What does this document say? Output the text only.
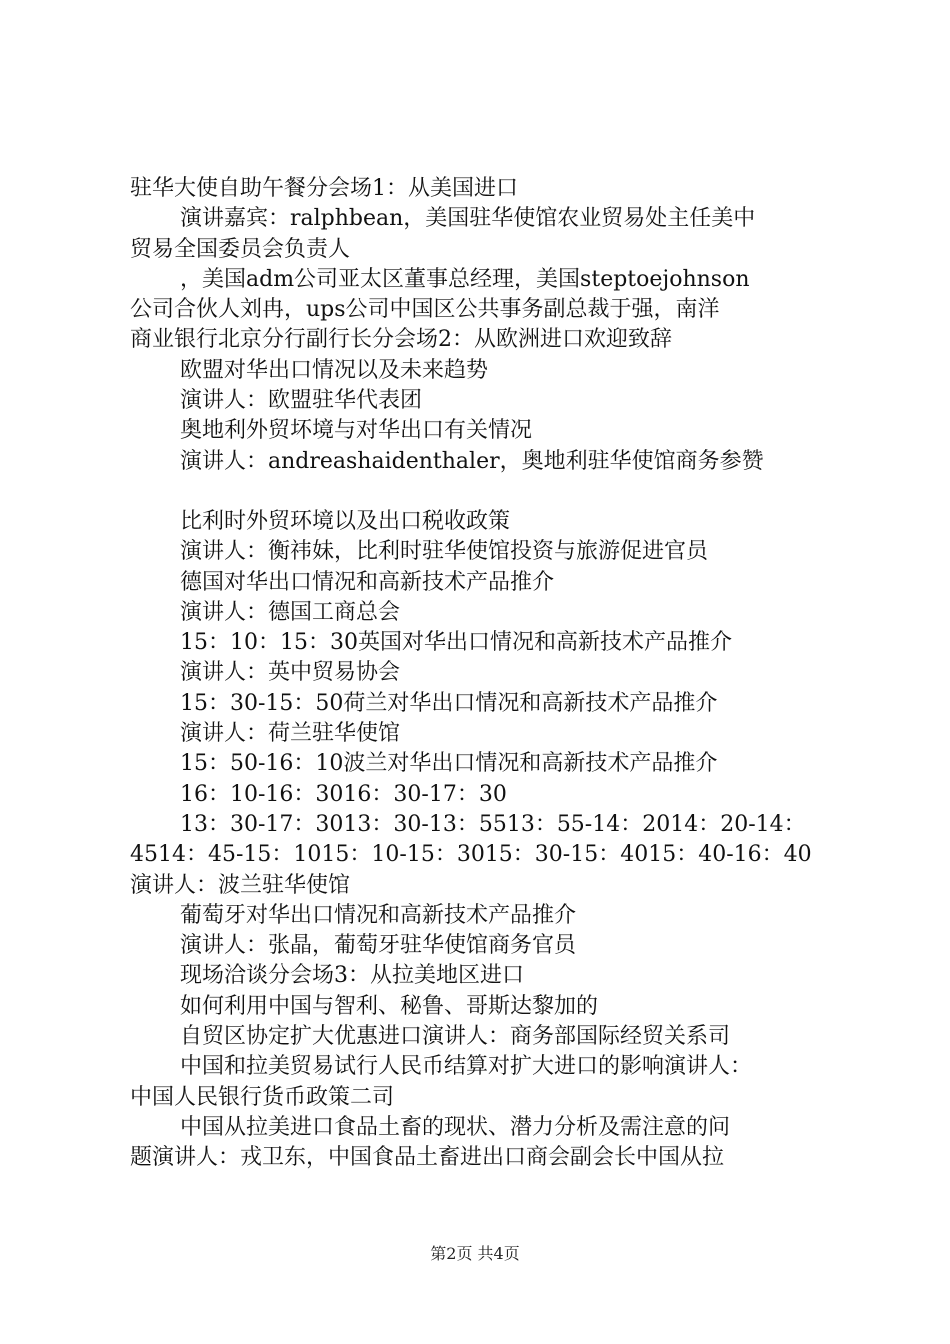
驻华大使自助午餐分会场1：从美国进口
演讲嘉宾：ralphbean，美国驻华使馆农业贸易处主任美中
贸易全国委员会负责人
，美国adm公司亚太区董事总经理，美国steptoejohnson
公司合伙人刘冉，ups公司中国区公共事务副总裁于强，南洋
商业银行北京分行副行长分会场2：从欧洲进口欢迎致辞
欧盟对华出口情况以及未来趋势
演讲人：欧盟驻华代表团
奥地利外贸坏境与对华出口有关情况
演讲人：andreashaidenthaler，奥地利驻华使馆商务参赞
比利时外贸环境以及出口税收政策
演讲人：衡祎妹，比利时驻华使馆投资与旅游促进官员
德国对华出口情况和高新技术产品推介
演讲人：德国工商总会
15：10：15：30英国对华出口情况和高新技术产品推介
演讲人：英中贸易协会
15：30-15：50荷兰对华出口情况和高新技术产品推介
演讲人：荷兰驻华使馆
15：50-16：10波兰对华出口情况和高新技术产品推介
16：10-16：3016：30-17：30
13：30-17：3013：30-13：5513：55-14：2014：20-14：
4514：45-15：1015：10-15：3015：30-15：4015：40-16：40
演讲人：波兰驻华使馆
葡萄牙对华出口情况和高新技术产品推介
演讲人：张晶，葡萄牙驻华使馆商务官员
现场洽谈分会场3：从拉美地区进口
如何利用中国与智利、秘鲁、哥斯达黎加的
自贸区协定扩大优惠进口演讲人：商务部国际经贸关系司
中国和拉美贸易试行人民币结算对扩大进口的影响演讲人：
中国人民银行货币政策二司
中国从拉美进口食品土畜的现状、潜力分析及需注意的问
题演讲人：戎卫东，中国食品土畜进出口商会副会长中国从拉
第2页 共4页
